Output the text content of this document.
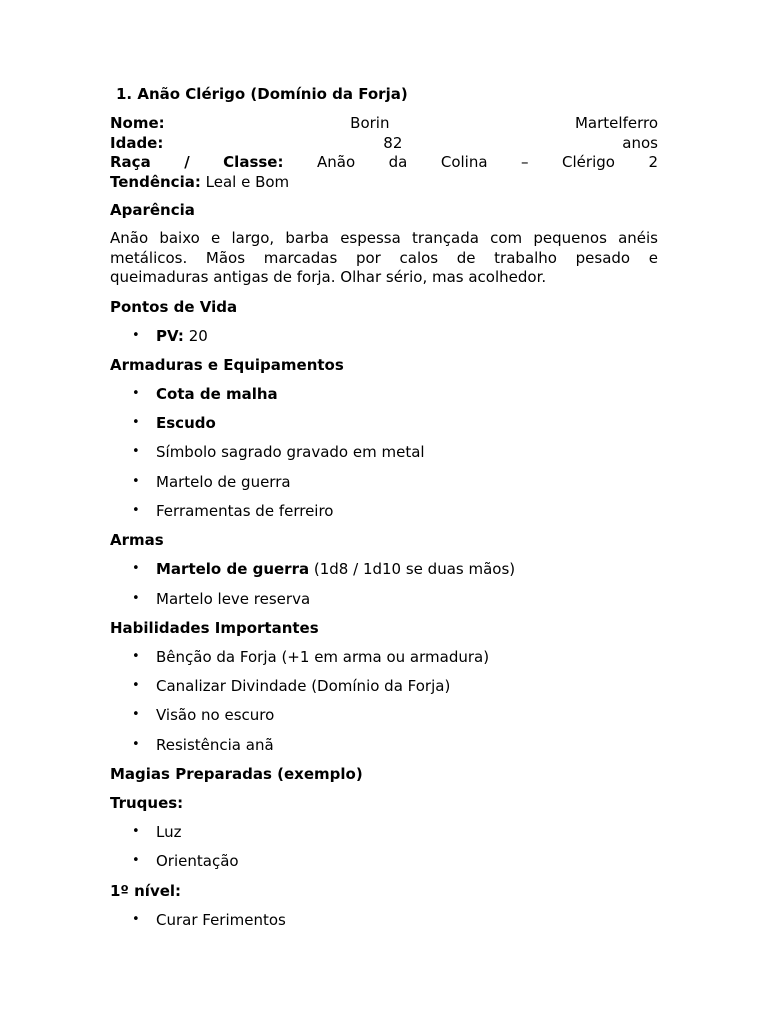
1. Anão Clérigo (Domínio da Forja)
Nome:	Borin	Martelferro
Idade:	82	anos
Raça / Classe: Anão da Colina – Clérigo 2
Tendência: Leal e Bom
Aparência
Anão baixo e largo, barba espessa trançada com pequenos anéis
metálicos. Mãos marcadas por calos de trabalho pesado e
queimaduras antigas de forja. Olhar sério, mas acolhedor.
Pontos de Vida
• PV: 20
Armaduras e Equipamentos
• Cota de malha
• Escudo
• Símbolo sagrado gravado em metal
• Martelo de guerra
• Ferramentas de ferreiro
Armas
• Martelo de guerra (1d8 / 1d10 se duas mãos)
• Martelo leve reserva
Habilidades Importantes
• Bênção da Forja (+1 em arma ou armadura)
• Canalizar Divindade (Domínio da Forja)
• Visão no escuro
• Resistência anã
Magias Preparadas (exemplo)
Truques:
• Luz
• Orientação
1º nível:
• Curar Ferimentos
